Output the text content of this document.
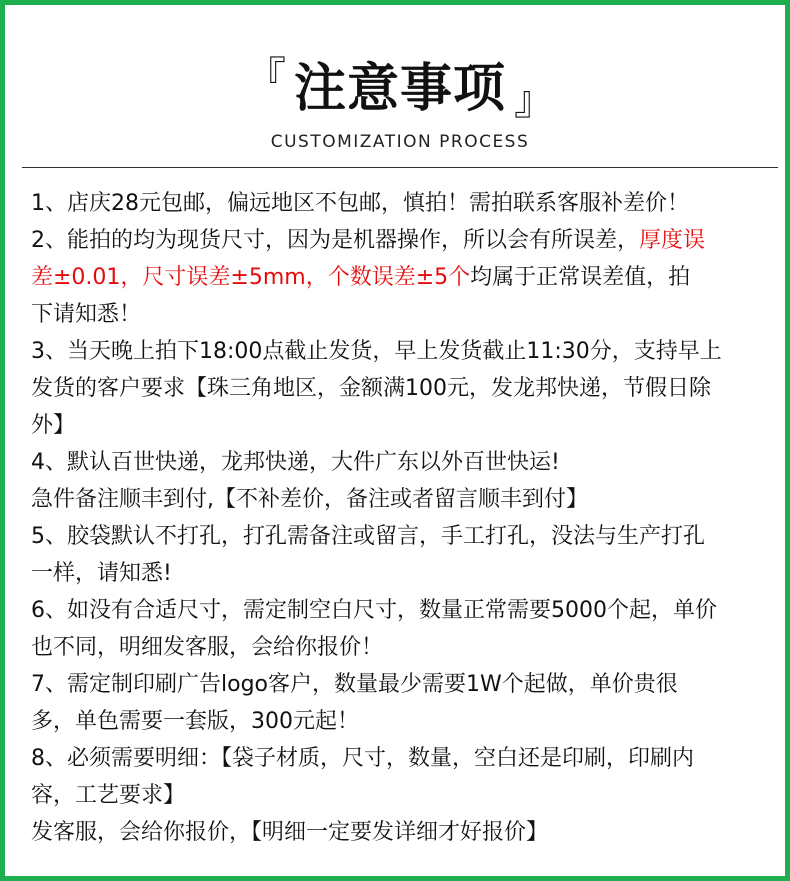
『 注意事项 』
CUSTOMIZATION PROCESS
1、店庆28元包邮，偏远地区不包邮，慎拍！需拍联系客服补差价！
2、能拍的均为现货尺寸，因为是机器操作，所以会有所误差，厚度误
差±0.01，尺寸误差±5mm，个数误差±5个均属于正常误差值，拍
下请知悉！
3、当天晚上拍下18:00点截止发货，早上发货截止11:30分，支持早上
发货的客户要求【珠三角地区，金额满100元，发龙邦快递，节假日除
外】
4、默认百世快递，龙邦快递，大件广东以外百世快运!
急件备注顺丰到付,【不补差价，备注或者留言顺丰到付】
5、胶袋默认不打孔，打孔需备注或留言，手工打孔，没法与生产打孔
一样，请知悉!
6、如没有合适尺寸，需定制空白尺寸，数量正常需要5000个起，单价
也不同，明细发客服，会给你报价！
7、需定制印刷广告logo客户，数量最少需要1W个起做，单价贵很
多，单色需要一套版，300元起！
8、必须需要明细：【袋子材质，尺寸，数量，空白还是印刷，印刷内
容，工艺要求】
发客服，会给你报价，【明细一定要发详细才好报价】
